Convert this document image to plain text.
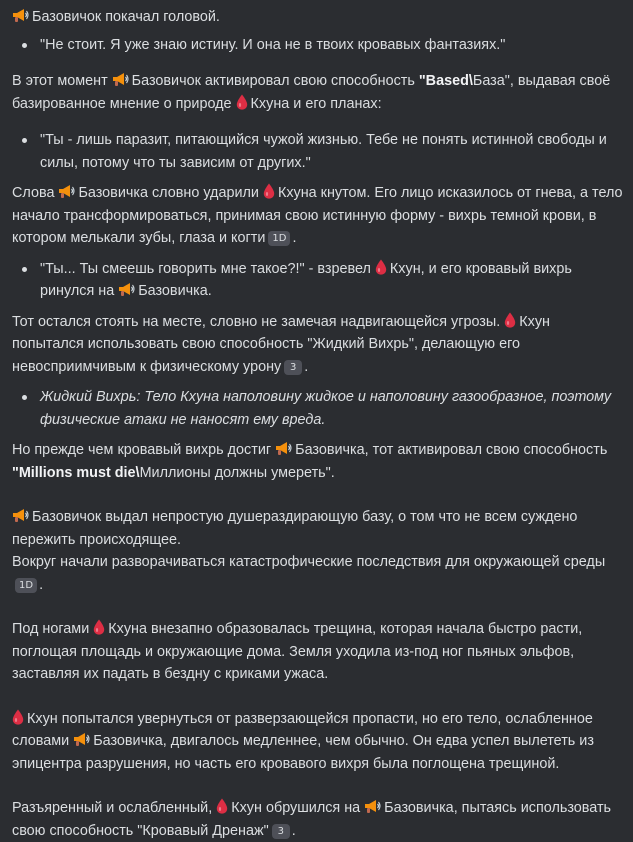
Базовичок покачал головой.

"Не стоит. Я уже знаю истину. И она не в твоих кровавых фантазиях."

В этот момент Базовичок активировал свою способность "Based\База", выдавая своё базированное мнение о природе Кхуна и его планах:

"Ты - лишь паразит, питающийся чужой жизнью. Тебе не понять истинной свободы и силы, потому что ты зависим от других."

Слова Базовичка словно ударили Кхуна кнутом. Его лицо исказилось от гнева, а тело начало трансформироваться, принимая свою истинную форму - вихрь темной крови, в котором мелькали зубы, глаза и когти 1D .

"Ты... Ты смеешь говорить мне такое?!" - взревел Кхун, и его кровавый вихрь ринулся на Базовичка.

Тот остался стоять на месте, словно не замечая надвигающейся угрозы. Кхун попытался использовать свою способность "Жидкий Вихрь", делающую его невосприимчивым к физическому урону 3 .

Жидкий Вихрь: Тело Кхуна наполовину жидкое и наполовину газообразное, поэтому физические атаки не наносят ему вреда.

Но прежде чем кровавый вихрь достиг Базовичка, тот активировал свою способность "Millions must die\Миллионы должны умереть".

Базовичок выдал непростую душераздирающую базу, о том что не всем суждено пережить происходящее.
Вокруг начали разворачиваться катастрофические последствия для окружающей среды1D .

Под ногами Кхуна внезапно образовалась трещина, которая начала быстро расти, поглощая площадь и окружающие дома. Земля уходила из-под ног пьяных эльфов, заставляя их падать в бездну с криками ужаса.

Кхун попытался увернуться от разверзающейся пропасти, но его тело, ослабленное словами Базовичка, двигалось медленнее, чем обычно. Он едва успел вылететь из эпицентра разрушения, но часть его кровавого вихря была поглощена трещиной.

Разъяренный и ослабленный, Кхун обрушился на Базовичка, пытаясь использовать свою способность "Кровавый Дренаж" 3 .
